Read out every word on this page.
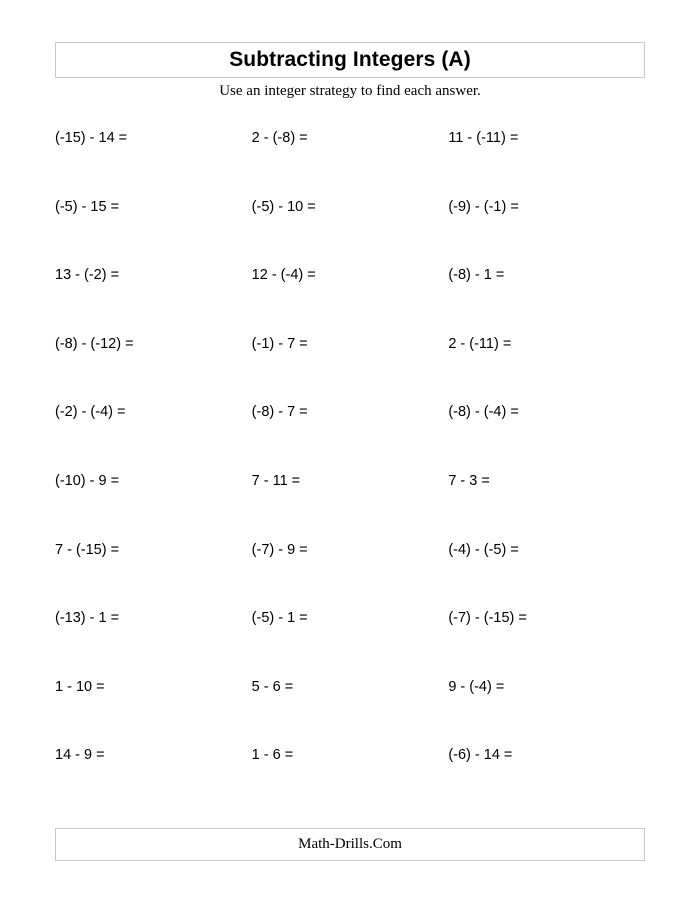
Subtracting Integers (A)
Use an integer strategy to find each answer.
(-15) - 14 =	2 - (-8) =	11 - (-11) =
(-5) - 15 =	(-5) - 10 =	(-9) - (-1) =
13 - (-2) =	12 - (-4) =	(-8) - 1 =
(-8) - (-12) =	(-1) - 7 =	2 - (-11) =
(-2) - (-4) =	(-8) - 7 =	(-8) - (-4) =
(-10) - 9 =	7 - 11 =	7 - 3 =
7 - (-15) =	(-7) - 9 =	(-4) - (-5) =
(-13) - 1 =	(-5) - 1 =	(-7) - (-15) =
1 - 10 =	5 - 6 =	9 - (-4) =
14 - 9 =	1 - 6 =	(-6) - 14 =
Math-Drills.Com
